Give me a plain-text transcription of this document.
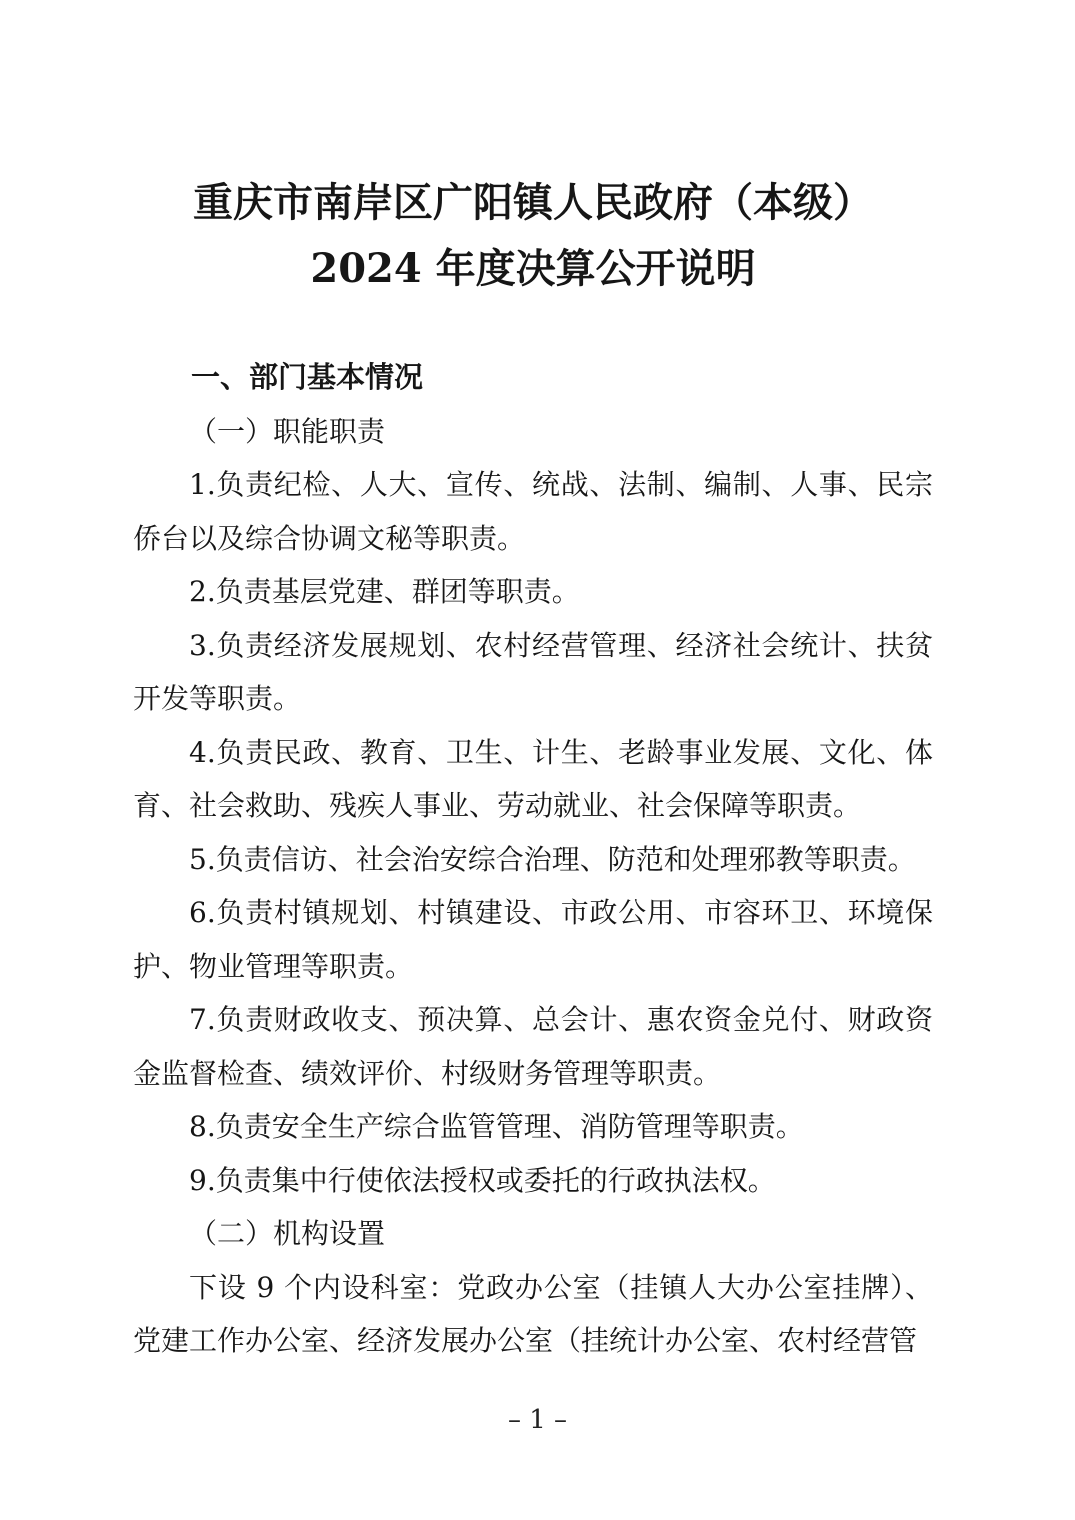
重庆市南岸区广阳镇人民政府（本级）
2024 年度决算公开说明
一、部门基本情况
（一）职能职责

1.负责纪检、人大、宣传、统战、法制、编制、人事、民宗侨台以及综合协调文秘等职责。

2.负责基层党建、群团等职责。

3.负责经济发展规划、农村经营管理、经济社会统计、扶贫开发等职责。

4.负责民政、教育、卫生、计生、老龄事业发展、文化、体育、社会救助、残疾人事业、劳动就业、社会保障等职责。

5.负责信访、社会治安综合治理、防范和处理邪教等职责。

6.负责村镇规划、村镇建设、市政公用、市容环卫、环境保护、物业管理等职责。

7.负责财政收支、预决算、总会计、惠农资金兑付、财政资金监督检查、绩效评价、村级财务管理等职责。

8.负责安全生产综合监管管理、消防管理等职责。

9.负责集中行使依法授权或委托的行政执法权。

（二）机构设置

下设 9 个内设科室：党政办公室（挂镇人大办公室挂牌）、党建工作办公室、经济发展办公室（挂统计办公室、农村经营管

– 1 –
